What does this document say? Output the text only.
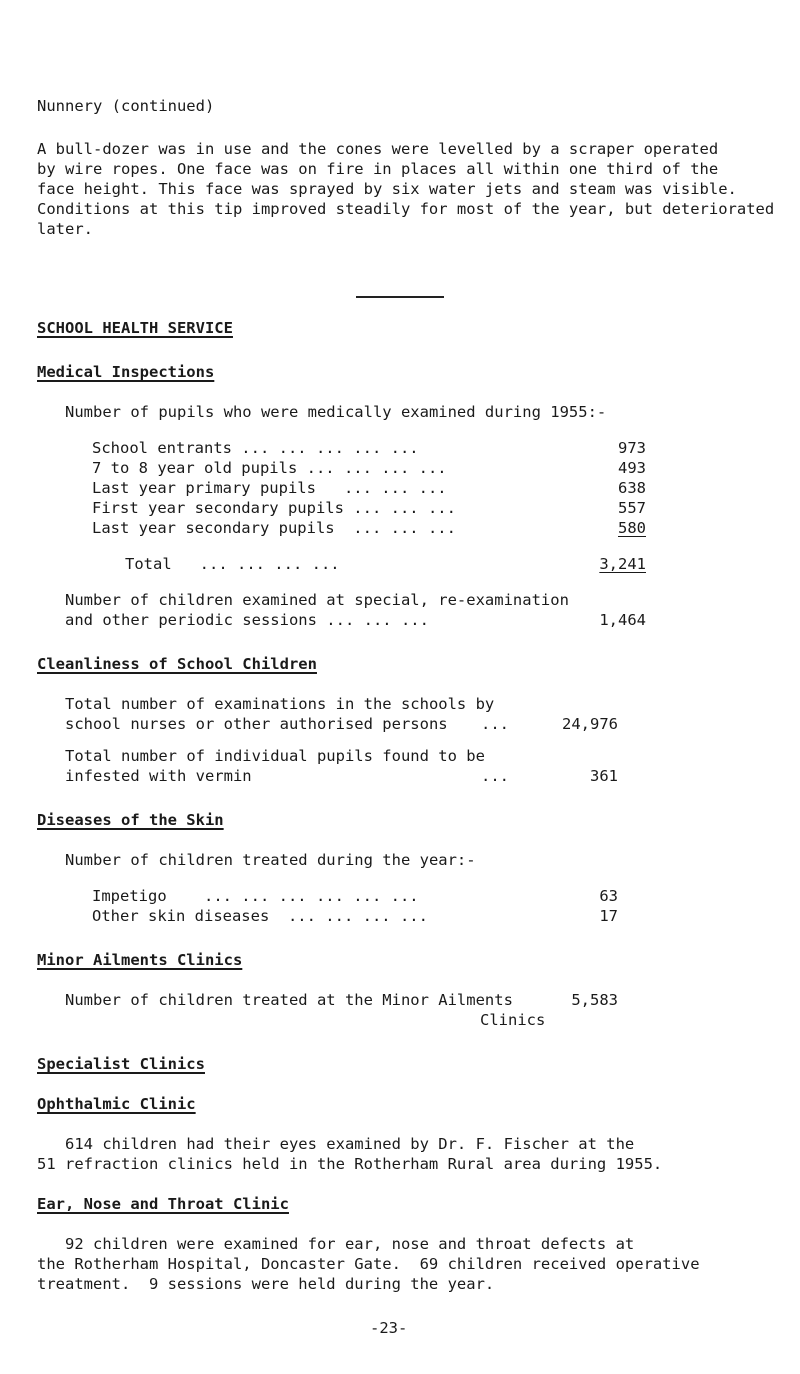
Nunnery (continued)
A bull-dozer was in use and the cones were levelled by a scraper operated
by wire ropes. One face was on fire in places all within one third of the
face height. This face was sprayed by six water jets and steam was visible.
Conditions at this tip improved steadily for most of the year, but deteriorated
later.
SCHOOL HEALTH SERVICE
Medical Inspections
Number of pupils who were medically examined during 1955:-
School entrants ... ... ... ... ...	973
7 to 8 year old pupils ... ... ... ...	493
Last year primary pupils   ... ... ...	638
First year secondary pupils ... ... ...	557
Last year secondary pupils  ... ... ...	580
Total   ... ... ... ...	3,241
Number of children examined at special, re-examination
and other periodic sessions ... ... ...	1,464
Cleanliness of School Children
Total number of examinations in the schools by
school nurses or other authorised persons ...	24,976
Total number of individual pupils found to be
infested with vermin	...	361
Diseases of the Skin
Number of children treated during the year:-
Impetigo    ... ... ... ... ... ...	63
Other skin diseases  ... ... ... ...	17
Minor Ailments Clinics
Number of children treated at the Minor Ailments	5,583
Clinics
Specialist Clinics
Ophthalmic Clinic
614 children had their eyes examined by Dr. F. Fischer at the
51 refraction clinics held in the Rotherham Rural area during 1955.
Ear, Nose and Throat Clinic
92 children were examined for ear, nose and throat defects at
the Rotherham Hospital, Doncaster Gate.  69 children received operative
treatment.  9 sessions were held during the year.
-23-
